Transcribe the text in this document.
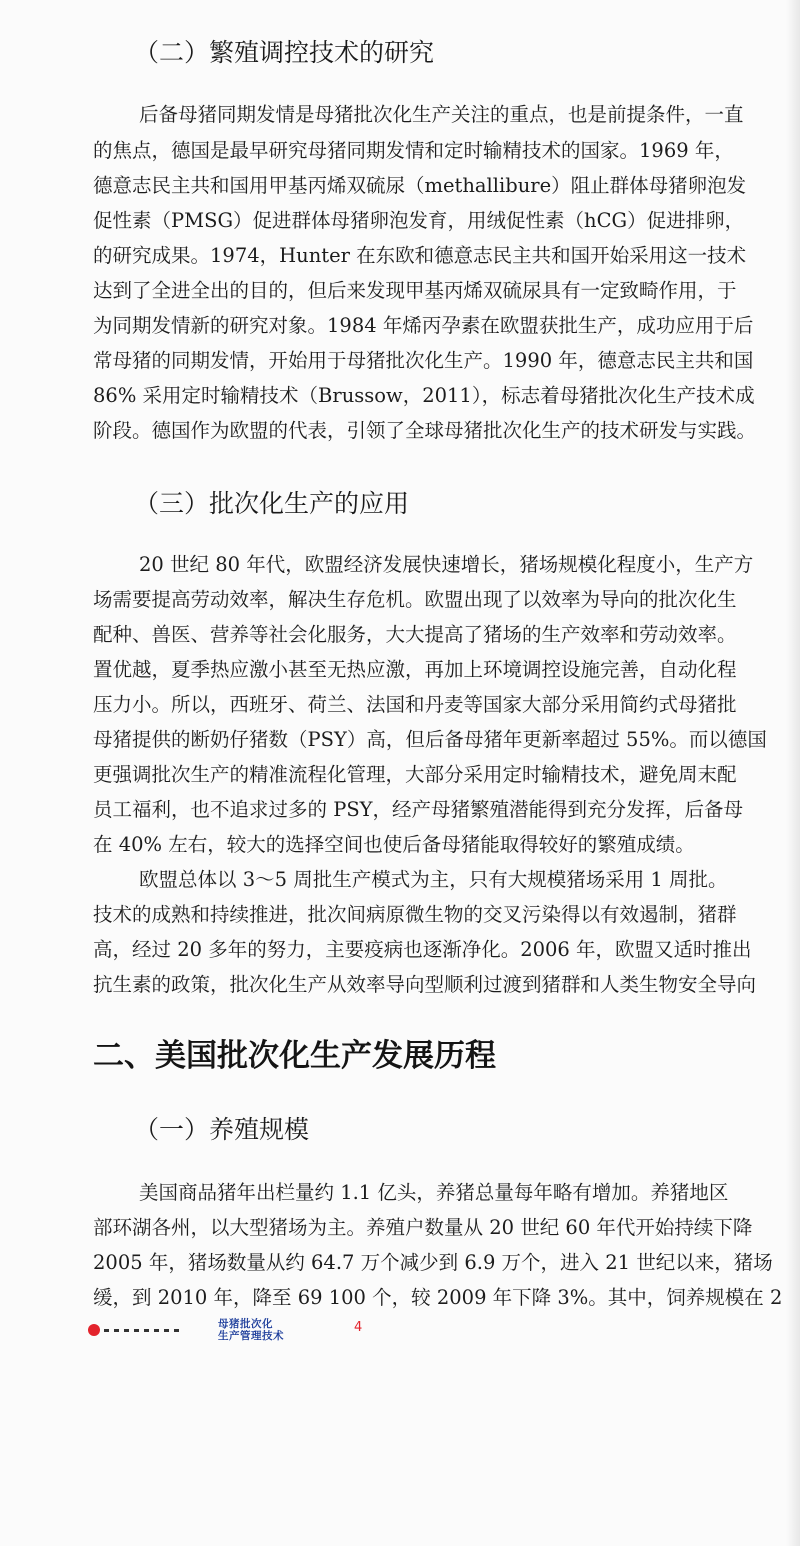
（二）繁殖调控技术的研究
后备母猪同期发情是母猪批次化生产关注的重点，也是前提条件，一直
的焦点，德国是最早研究母猪同期发情和定时输精技术的国家。1969 年，
德意志民主共和国用甲基丙烯双硫尿（methallibure）阻止群体母猪卵泡发
促性素（PMSG）促进群体母猪卵泡发育，用绒促性素（hCG）促进排卵，
的研究成果。1974，Hunter 在东欧和德意志民主共和国开始采用这一技术
达到了全进全出的目的，但后来发现甲基丙烯双硫尿具有一定致畸作用，于
为同期发情新的研究对象。1984 年烯丙孕素在欧盟获批生产，成功应用于后
常母猪的同期发情，开始用于母猪批次化生产。1990 年，德意志民主共和国
86% 采用定时输精技术（Brussow，2011），标志着母猪批次化生产技术成
阶段。德国作为欧盟的代表，引领了全球母猪批次化生产的技术研发与实践。
（三）批次化生产的应用
20 世纪 80 年代，欧盟经济发展快速增长，猪场规模化程度小，生产方
场需要提高劳动效率，解决生存危机。欧盟出现了以效率为导向的批次化生
配种、兽医、营养等社会化服务，大大提高了猪场的生产效率和劳动效率。
置优越，夏季热应激小甚至无热应激，再加上环境调控设施完善，自动化程
压力小。所以，西班牙、荷兰、法国和丹麦等国家大部分采用简约式母猪批
母猪提供的断奶仔猪数（PSY）高，但后备母猪年更新率超过 55%。而以德国
更强调批次生产的精准流程化管理，大部分采用定时输精技术，避免周末配
员工福利，也不追求过多的 PSY，经产母猪繁殖潜能得到充分发挥，后备母
在 40% 左右，较大的选择空间也使后备母猪能取得较好的繁殖成绩。
欧盟总体以 3～5 周批生产模式为主，只有大规模猪场采用 1 周批。
技术的成熟和持续推进，批次间病原微生物的交叉污染得以有效遏制，猪群
高，经过 20 多年的努力，主要疫病也逐渐净化。2006 年，欧盟又适时推出
抗生素的政策，批次化生产从效率导向型顺利过渡到猪群和人类生物安全导向
二、美国批次化生产发展历程
（一）养殖规模
美国商品猪年出栏量约 1.1 亿头，养猪总量每年略有增加。养猪地区
部环湖各州，以大型猪场为主。养殖户数量从 20 世纪 60 年代开始持续下降
2005 年，猪场数量从约 64.7 万个减少到 6.9 万个，进入 21 世纪以来，猪场
缓，到 2010 年，降至 69 100 个，较 2009 年下降 3%。其中，饲养规模在 2
母猪批次化
生产管理技术
4
